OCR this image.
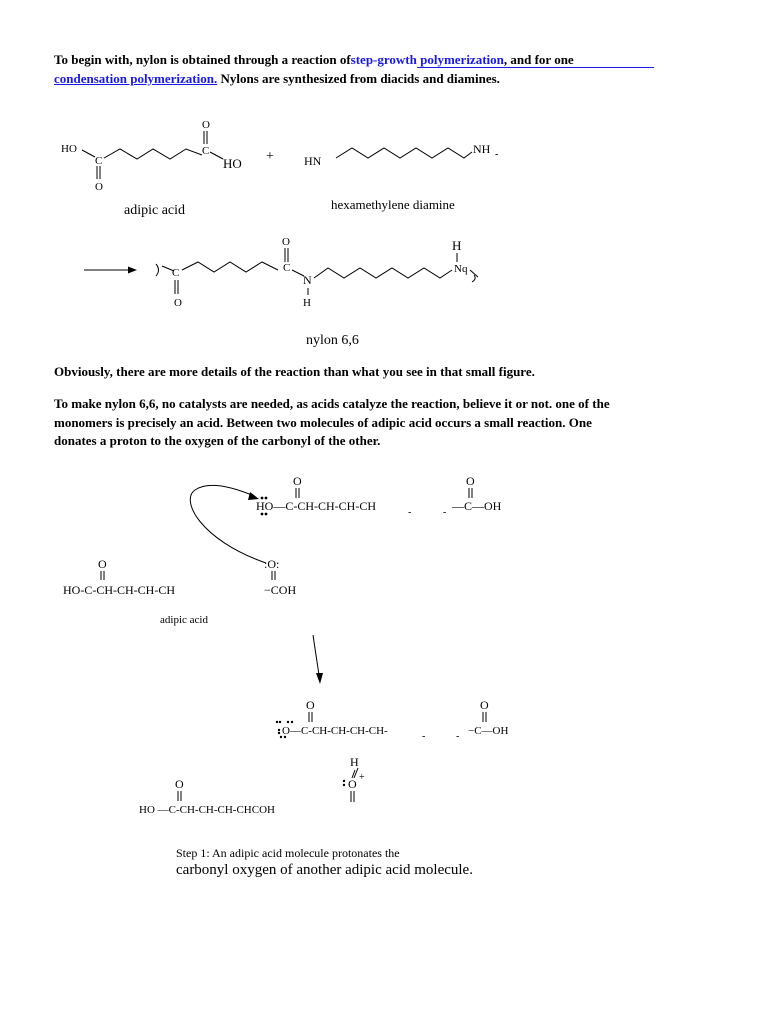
To begin with, nylon is obtained through a reaction ofstep-growth polymerization, and for one
condensation polymerization. Nylons are synthesized from diacids and diamines.
HO
C
O
O
C
HO
adipic acid
+	HN
NH -
hexamethylene diamine
C
O
O
C
N
H
H
Nq
nylon 6,6
Obviously, there are more details of the reaction than what you see in that small figure.
To make nylon 6,6, no catalysts are needed, as acids catalyze the reaction, believe it or not. one of the monomers is precisely an acid. Between two molecules of adipic acid occurs a small reaction. One donates a proton to the oxygen of the carbonyl of the other.
O
HO—C-CH-CH-CH-CH	-	-
O
—C—OH
:O:
−COH
O
HO-C-CH-CH-CH-CH
adipic acid
O
O—C-CH-CH-CH-CH-	-	-
O
−C—OH
H
O +
O
HO —C-CH-CH-CH-CHCOH
Step 1: An adipic acid molecule protonates the
carbonyl oxygen of another adipic acid molecule.
